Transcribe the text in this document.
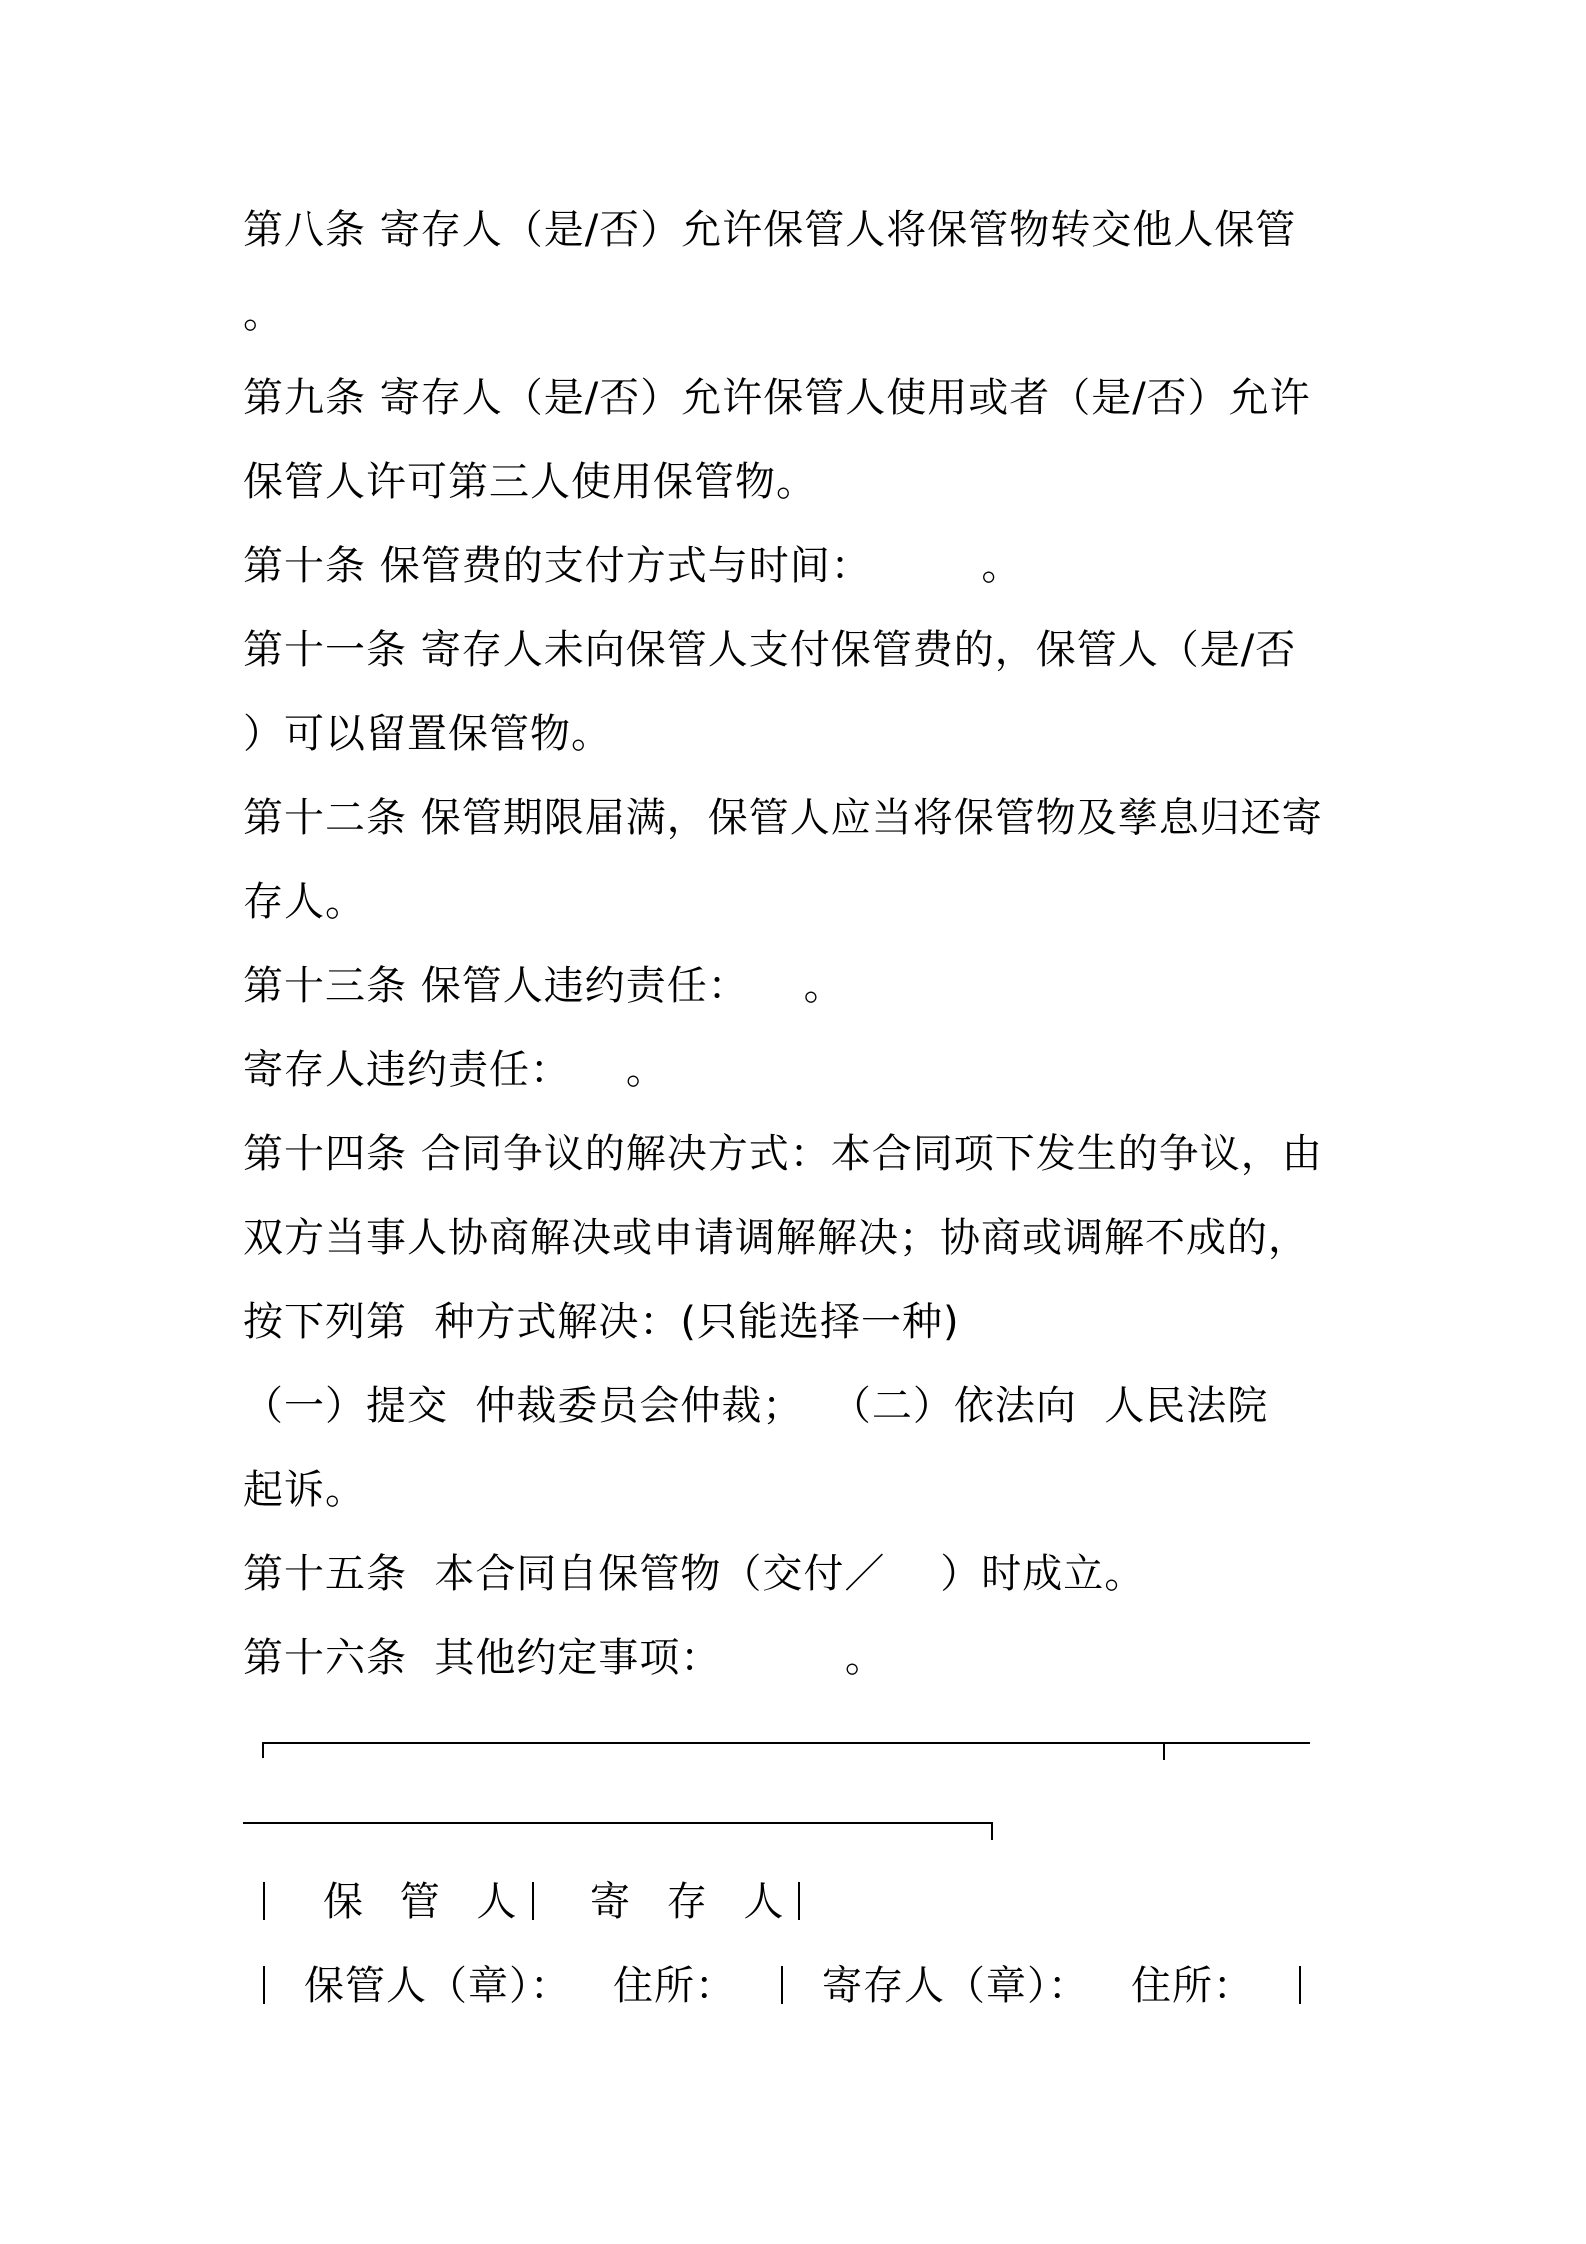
第八条 寄存人（是/否）允许保管人将保管物转交他人保管
。
第九条 寄存人（是/否）允许保管人使用或者（是/否）允许
保管人许可第三人使用保管物。
第十条 保管费的支付方式与时间：        。
第十一条 寄存人未向保管人支付保管费的，保管人（是/否
）可以留置保管物。
第十二条 保管期限届满，保管人应当将保管物及孳息归还寄
存人。
第十三条 保管人违约责任：    。
寄存人违约责任：    。
第十四条 合同争议的解决方式：本合同项下发生的争议，由
双方当事人协商解决或申请调解解决；协商或调解不成的，
按下列第  种方式解决：(只能选择一种)
（一）提交  仲裁委员会仲裁；  （二）依法向  人民法院
起诉。
第十五条  本合同自保管物（交付／    ）时成立。
第十六条  其他约定事项：         。
保 管 人 寄 存 人
保管人（章）： 住所： 寄存人（章）： 住所：
